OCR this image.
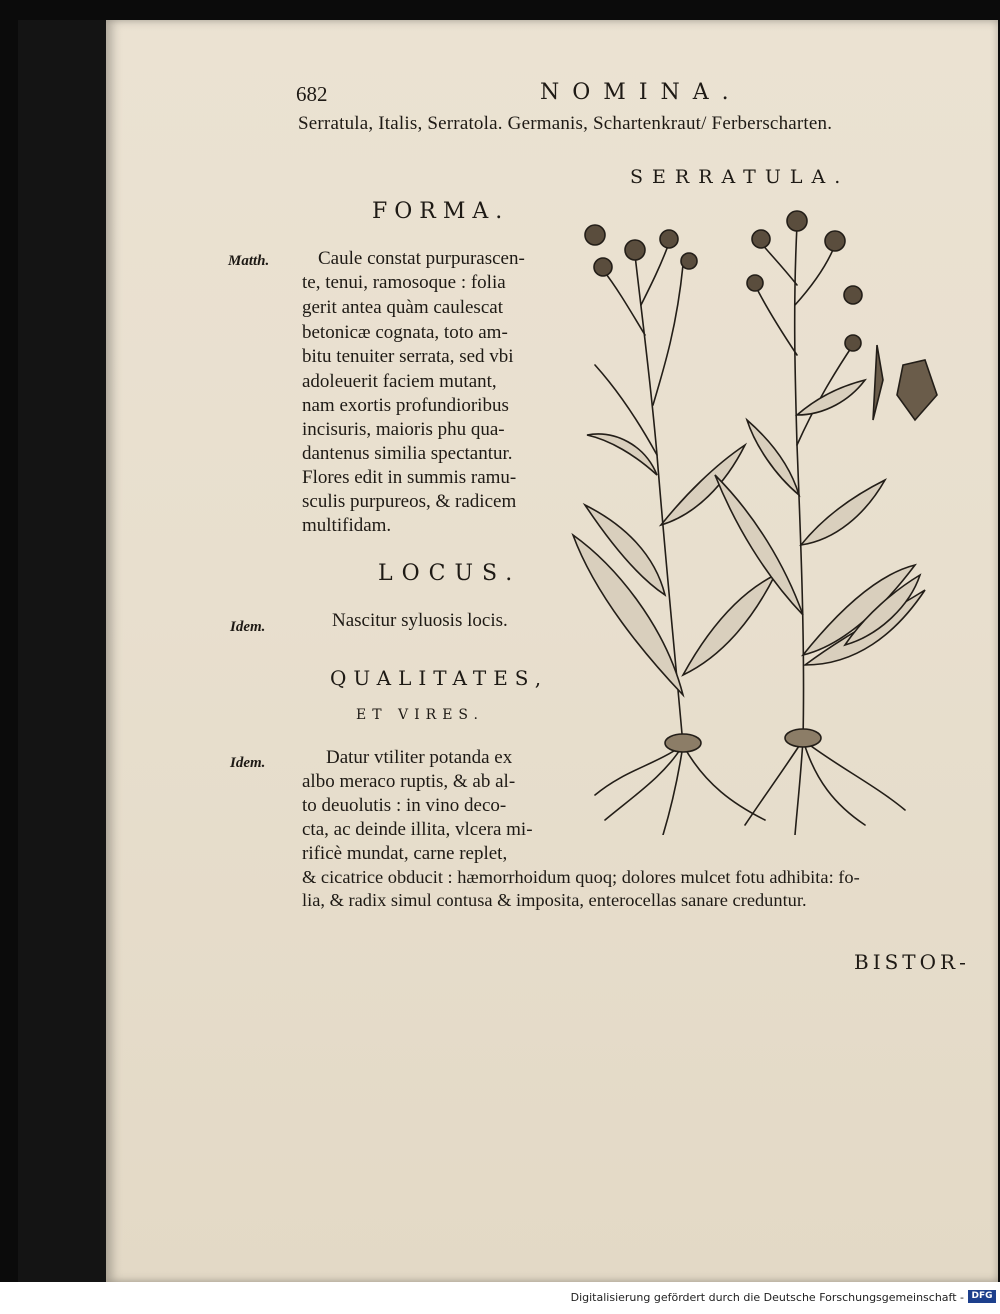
682	NOMINA.
Serratula, Italis, Serratola. Germanis, Schartenkraut/ Ferberscharten.
SERRATULA.
FORMA.
Matth.	Caule constat purpurascen-
te, tenui, ramosoque : folia
gerit antea quàm caulescat
betonicæ cognata, toto am-
bitu tenuiter serrata, sed vbi
adoleuerit faciem mutant,
nam exortis profundioribus
incisuris, maioris phu qua-
dantenus similia spectantur.
Flores edit in summis ramu-
sculis purpureos, & radicem
multifidam.
LOCUS.
Idem.	Nascitur syluosis locis.
QUALITATES,
ET VIRES.
Idem.	Datur vtiliter potanda ex
albo meraco ruptis, & ab al-
to deuolutis : in vino deco-
cta, ac deinde illita, vlcera mi-
rificè mundat, carne replet,
& cicatrice obducit : hæmorrhoidum quoq; dolores mulcet fotu adhibita: fo-
lia, & radix simul contusa & imposita, enterocellas sanare creduntur.
BISTOR-
Digitalisierung gefördert durch die Deutsche Forschungsgemeinschaft - DFG
